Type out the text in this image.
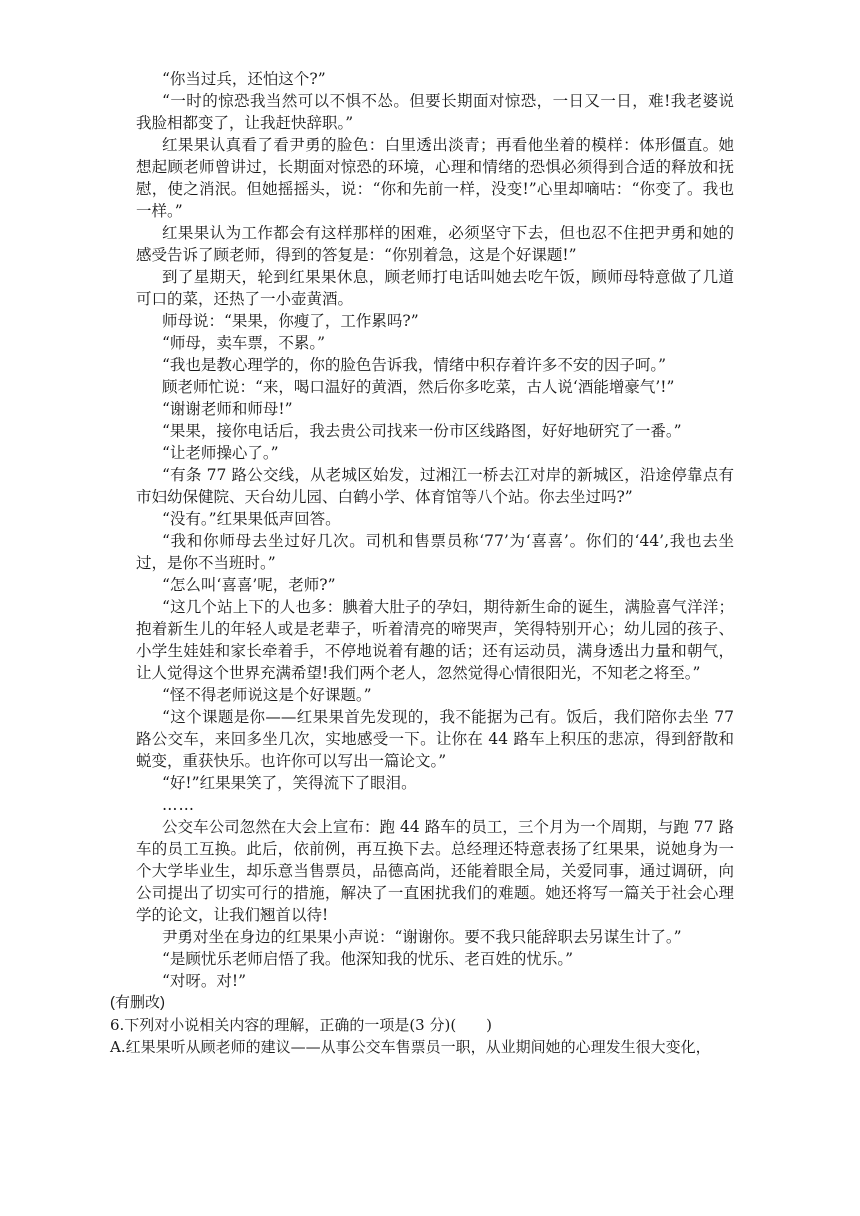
“你当过兵，还怕这个?”

“一时的惊恐我当然可以不惧不怂。但要长期面对惊恐，一日又一日，难!我老婆说我脸相都变了，让我赶快辞职。”

红果果认真看了看尹勇的脸色：白里透出淡青；再看他坐着的模样：体形僵直。她想起顾老师曾讲过，长期面对惊恐的环境，心理和情绪的恐惧必须得到合适的释放和抚慰，使之消泯。但她摇摇头，说：“你和先前一样，没变!”心里却嘀咕：“你变了。我也一样。”

红果果认为工作都会有这样那样的困难，必须坚守下去，但也忍不住把尹勇和她的感受告诉了顾老师，得到的答复是：“你别着急，这是个好课题!”

到了星期天，轮到红果果休息，顾老师打电话叫她去吃午饭，顾师母特意做了几道可口的菜，还热了一小壶黄酒。

师母说：“果果，你瘦了，工作累吗?”

“师母，卖车票，不累。”

“我也是教心理学的，你的脸色告诉我，情绪中积存着许多不安的因子呵。”

顾老师忙说：“来，喝口温好的黄酒，然后你多吃菜，古人说‘酒能增豪气’!”

“谢谢老师和师母!”

“果果，接你电话后，我去贵公司找来一份市区线路图，好好地研究了一番。”

“让老师操心了。”

“有条 77 路公交线，从老城区始发，过湘江一桥去江对岸的新城区，沿途停靠点有市妇幼保健院、天台幼儿园、白鹤小学、体育馆等八个站。你去坐过吗?”

“没有。”红果果低声回答。

“我和你师母去坐过好几次。司机和售票员称‘77’为‘喜喜’。你们的‘44’,我也去坐过，是你不当班时。”

“怎么叫‘喜喜’呢，老师?”

“这几个站上下的人也多：腆着大肚子的孕妇，期待新生命的诞生，满脸喜气洋洋；抱着新生儿的年轻人或是老辈子，听着清亮的啼哭声，笑得特别开心；幼儿园的孩子、小学生娃娃和家长牵着手，不停地说着有趣的话；还有运动员，满身透出力量和朝气，让人觉得这个世界充满希望!我们两个老人，忽然觉得心情很阳光，不知老之将至。”

“怪不得老师说这是个好课题。”

“这个课题是你——红果果首先发现的，我不能据为己有。饭后，我们陪你去坐 77 路公交车，来回多坐几次，实地感受一下。让你在 44 路车上积压的悲凉，得到舒散和蜕变，重获快乐。也许你可以写出一篇论文。”

“好!”红果果笑了，笑得流下了眼泪。

……

公交车公司忽然在大会上宣布：跑 44 路车的员工，三个月为一个周期，与跑 77 路车的员工互换。此后，依前例，再互换下去。总经理还特意表扬了红果果，说她身为一个大学毕业生，却乐意当售票员，品德高尚，还能着眼全局，关爱同事，通过调研，向公司提出了切实可行的措施，解决了一直困扰我们的难题。她还将写一篇关于社会心理学的论文，让我们翘首以待!

尹勇对坐在身边的红果果小声说：“谢谢你。要不我只能辞职去另谋生计了。”

“是顾忧乐老师启悟了我。他深知我的忧乐、老百姓的忧乐。”

“对呀。对!”

(有删改)

6.下列对小说相关内容的理解，正确的一项是(3 分)(　　)

A.红果果听从顾老师的建议——从事公交车售票员一职，从业期间她的心理发生很大变化，
